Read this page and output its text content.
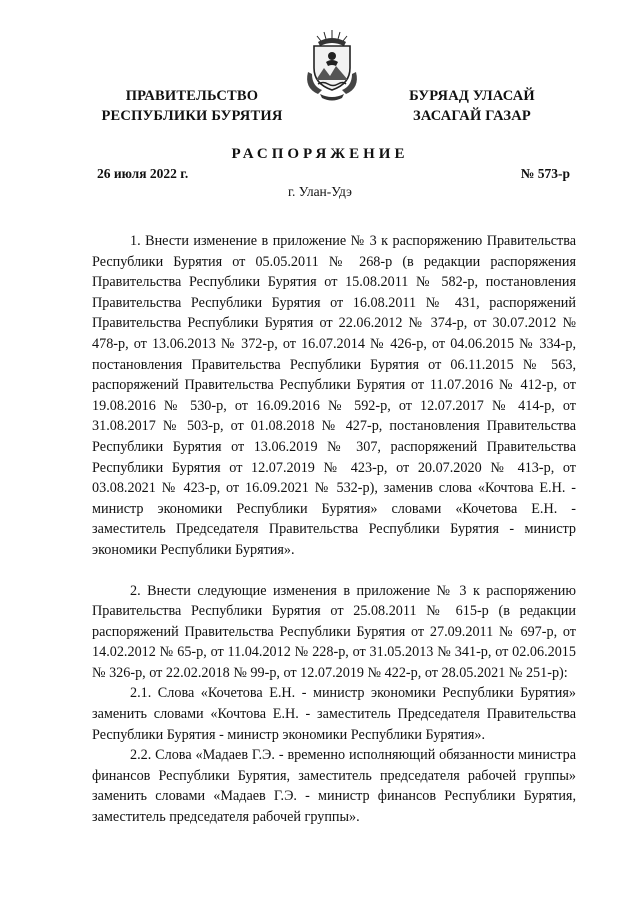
ПРАВИТЕЛЬСТВО
РЕСПУБЛИКИ БУРЯТИЯ
БУРЯАД УЛАСАЙ
ЗАСАГАЙ ГАЗАР
РАСПОРЯЖЕНИЕ
26 июля 2022 г.	№ 573-р
г. Улан-Удэ

1. Внести изменение в приложение № 3 к распоряжению Правительства Республики Бурятия от 05.05.2011 № 268-р (в редакции распоряжения Правительства Республики Бурятия от 15.08.2011 № 582-р, постановления Правительства Республики Бурятия от 16.08.2011 № 431, распоряжений Правительства Республики Бурятия от 22.06.2012 № 374-р, от 30.07.2012 № 478-р, от 13.06.2013 № 372-р, от 16.07.2014 № 426-р, от 04.06.2015 № 334-р, постановления Правительства Республики Бурятия от 06.11.2015 № 563, распоряжений Правительства Республики Бурятия от 11.07.2016 № 412-р, от 19.08.2016 № 530-р, от 16.09.2016 № 592-р, от 12.07.2017 № 414-р, от 31.08.2017 № 503-р, от 01.08.2018 № 427-р, постановления Правительства Республики Бурятия от 13.06.2019 № 307, распоряжений Правительства Республики Бурятия от 12.07.2019 № 423-р, от 20.07.2020 № 413-р, от 03.08.2021 № 423-р, от 16.09.2021 № 532-р), заменив слова «Кочтова Е.Н. - министр экономики Республики Бурятия» словами «Кочетова Е.Н. - заместитель Председателя Правительства Республики Бурятия - министр экономики Республики Бурятия».

2. Внести следующие изменения в приложение № 3 к распоряжению Правительства Республики Бурятия от 25.08.2011 № 615-р (в редакции распоряжений Правительства Республики Бурятия от 27.09.2011 № 697-р, от 14.02.2012 № 65-р, от 11.04.2012 № 228-р, от 31.05.2013 № 341-р, от 02.06.2015 № 326-р, от 22.02.2018 № 99-р, от 12.07.2019 № 422-р, от 28.05.2021 № 251-р):

2.1. Слова «Кочетова Е.Н. - министр экономики Республики Бурятия» заменить словами «Кочтова Е.Н. - заместитель Председателя Правительства Республики Бурятия - министр экономики Республики Бурятия».

2.2. Слова «Мадаев Г.Э. - временно исполняющий обязанности министра финансов Республики Бурятия, заместитель председателя рабочей группы» заменить словами «Мадаев Г.Э. - министр финансов Республики Бурятия, заместитель председателя рабочей группы».
